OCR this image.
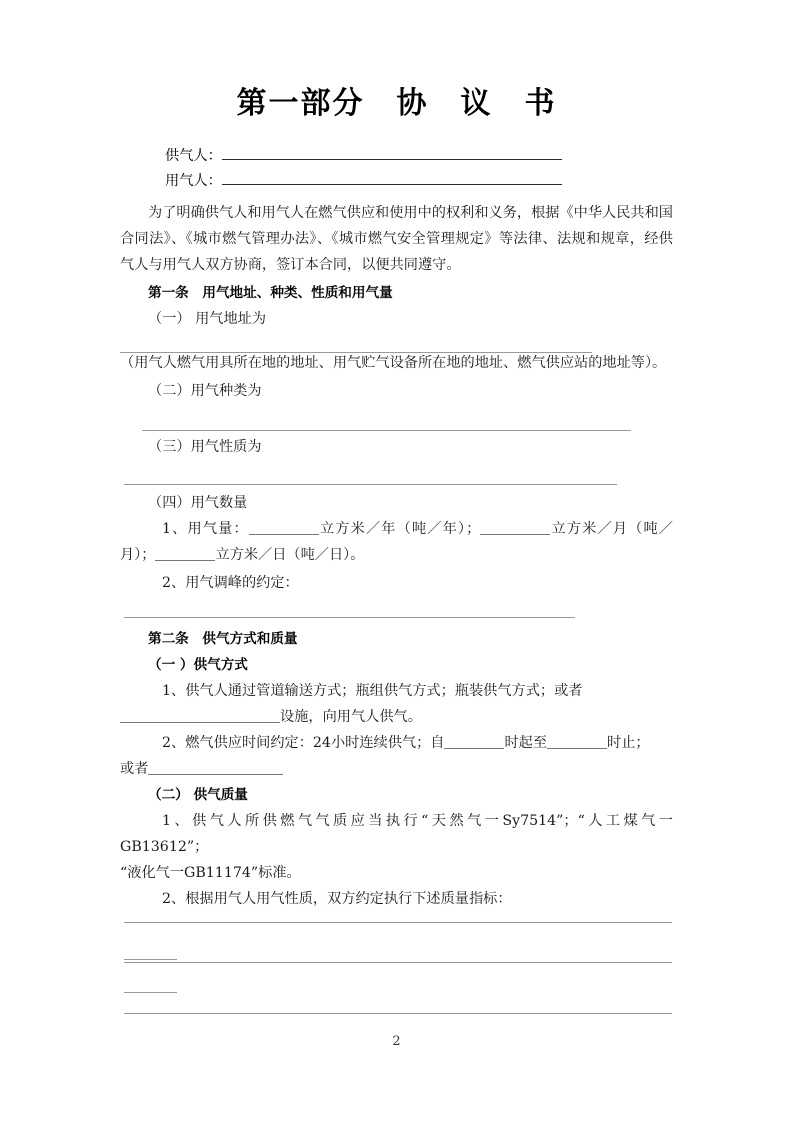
第一部分　协　议　书
供气人：
用气人：
为了明确供气人和用气人在燃气供应和使用中的权利和义务，根据《中华人民共和国合同法》、《城市燃气管理办法》、《城市燃气安全管理规定》等法律、法规和规章，经供气人与用气人双方协商，签订本合同，以便共同遵守。
第一条　用气地址、种类、性质和用气量
（一） 用气地址为
（用气人燃气用具所在地的地址、用气贮气设备所在地的地址、燃气供应站的地址等）。
（二）用气种类为
（三）用气性质为
（四）用气数量
1、用气量：	立方米／年（吨／年）；	立方米／月（吨／月）；	立方米／日（吨／日）。
2、用气调峰的约定：
第二条　供气方式和质量
（一 ）供气方式
1、供气人通过管道输送方式；瓶组供气方式；瓶装供气方式；或者
设施，向用气人供气。
2、燃气供应时间约定：24小时连续供气；自	时起至	时止；
或者
（二） 供气质量
1、供气人所供燃气气质应当执行“天然气一Sy7514”；“人工煤气一GB13612”；
“液化气一GB11174”标准。
2、根据用气人用气性质，双方约定执行下述质量指标：
2
